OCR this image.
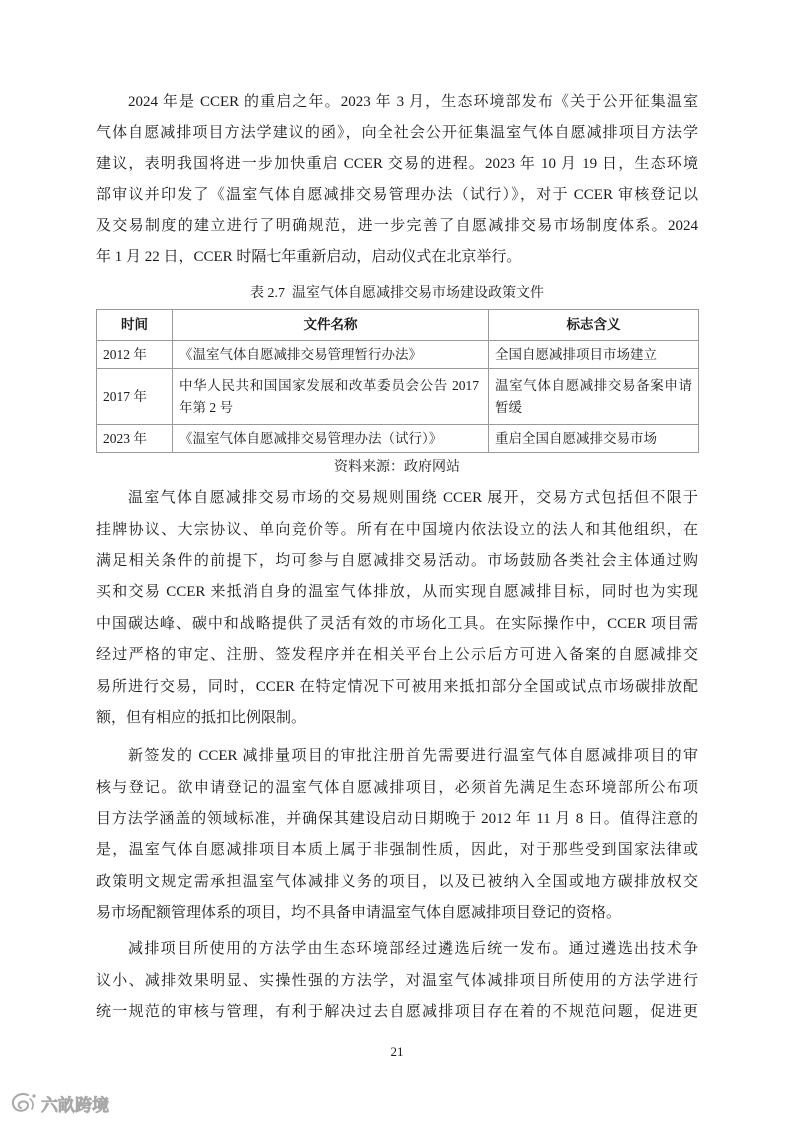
2024 年是 CCER 的重启之年。2023 年 3 月，生态环境部发布《关于公开征集温室
气体自愿减排项目方法学建议的函》，向全社会公开征集温室气体自愿减排项目方法学
建议，表明我国将进一步加快重启 CCER 交易的进程。2023 年 10 月 19 日，生态环境
部审议并印发了《温室气体自愿减排交易管理办法（试行）》，对于 CCER 审核登记以
及交易制度的建立进行了明确规范，进一步完善了自愿减排交易市场制度体系。2024
年 1 月 22 日，CCER 时隔七年重新启动，启动仪式在北京举行。
表 2.7  温室气体自愿减排交易市场建设政策文件
时间	文件名称	标志含义
2012 年	《温室气体自愿减排交易管理暂行办法》	全国自愿减排项目市场建立
2017 年	中华人民共和国国家发展和改革委员会公告 2017 年第 2 号	温室气体自愿减排交易备案申请暂缓
2023 年	《温室气体自愿减排交易管理办法（试行）》	重启全国自愿减排交易市场
资料来源：政府网站
温室气体自愿减排交易市场的交易规则围绕 CCER 展开，交易方式包括但不限于
挂牌协议、大宗协议、单向竞价等。所有在中国境内依法设立的法人和其他组织，在
满足相关条件的前提下，均可参与自愿减排交易活动。市场鼓励各类社会主体通过购
买和交易 CCER 来抵消自身的温室气体排放，从而实现自愿减排目标，同时也为实现
中国碳达峰、碳中和战略提供了灵活有效的市场化工具。在实际操作中，CCER 项目需
经过严格的审定、注册、签发程序并在相关平台上公示后方可进入备案的自愿减排交
易所进行交易，同时，CCER 在特定情况下可被用来抵扣部分全国或试点市场碳排放配
额，但有相应的抵扣比例限制。
新签发的 CCER 减排量项目的审批注册首先需要进行温室气体自愿减排项目的审
核与登记。欲申请登记的温室气体自愿减排项目，必须首先满足生态环境部所公布项
目方法学涵盖的领域标准，并确保其建设启动日期晚于 2012 年 11 月 8 日。值得注意的
是，温室气体自愿减排项目本质上属于非强制性质，因此，对于那些受到国家法律或
政策明文规定需承担温室气体减排义务的项目，以及已被纳入全国或地方碳排放权交
易市场配额管理体系的项目，均不具备申请温室气体自愿减排项目登记的资格。
减排项目所使用的方法学由生态环境部经过遴选后统一发布。通过遴选出技术争
议小、减排效果明显、实操性强的方法学，对温室气体减排项目所使用的方法学进行
统一规范的审核与管理，有利于解决过去自愿减排项目存在着的不规范问题，促进更
21
六畝跨境
